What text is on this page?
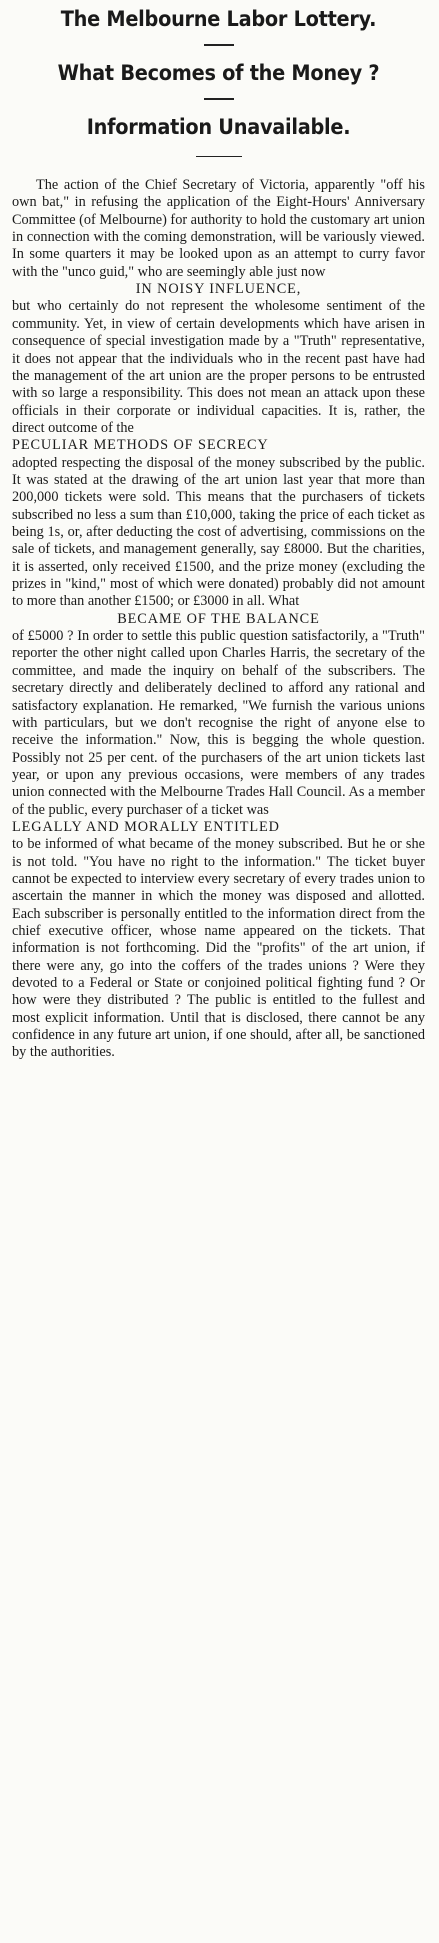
The Melbourne Labor Lottery.
What Becomes of the Money ?
Information Unavailable.

The action of the Chief Secretary of Victoria, apparently "off his own bat," in refusing the application of the Eight-Hours' Anniversary Committee (of Melbourne) for authority to hold the customary art union in connection with the coming demonstration, will be variously viewed. In some quarters it may be looked upon as an attempt to curry favor with the "unco guid," who are seemingly able just now

IN NOISY INFLUENCE,

but who certainly do not represent the wholesome sentiment of the community. Yet, in view of certain developments which have arisen in consequence of special investigation made by a "Truth" representative, it does not appear that the individuals who in the recent past have had the management of the art union are the proper persons to be entrusted with so large a responsibility. This does not mean an attack upon these officials in their corporate or individual capacities. It is, rather, the direct outcome of the

PECULIAR METHODS OF SECRECY

adopted respecting the disposal of the money subscribed by the public. It was stated at the drawing of the art union last year that more than 200,000 tickets were sold. This means that the purchasers of tickets subscribed no less a sum than £10,000, taking the price of each ticket as being 1s, or, after deducting the cost of advertising, commissions on the sale of tickets, and management generally, say £8000. But the charities, it is asserted, only received £1500, and the prize money (excluding the prizes in "kind," most of which were donated) probably did not amount to more than another £1500; or £3000 in all. What

BECAME OF THE BALANCE

of £5000 ? In order to settle this public question satisfactorily, a "Truth" reporter the other night called upon Charles Harris, the secretary of the committee, and made the inquiry on behalf of the subscribers. The secretary directly and deliberately declined to afford any rational and satisfactory explanation. He remarked, "We furnish the various unions with particulars, but we don't recognise the right of anyone else to receive the information." Now, this is begging the whole question. Possibly not 25 per cent. of the purchasers of the art union tickets last year, or upon any previous occasions, were members of any trades union connected with the Melbourne Trades Hall Council. As a member of the public, every purchaser of a ticket was

LEGALLY AND MORALLY ENTITLED

to be informed of what became of the money subscribed. But he or she is not told. "You have no right to the information." The ticket buyer cannot be expected to interview every secretary of every trades union to ascertain the manner in which the money was disposed and allotted. Each subscriber is personally entitled to the information direct from the chief executive officer, whose name appeared on the tickets. That information is not forthcoming. Did the "profits" of the art union, if there were any, go into the coffers of the trades unions ? Were they devoted to a Federal or State or conjoined political fighting fund ? Or how were they distributed ? The public is entitled to the fullest and most explicit information. Until that is disclosed, there cannot be any confidence in any future art union, if one should, after all, be sanctioned by the authorities.
